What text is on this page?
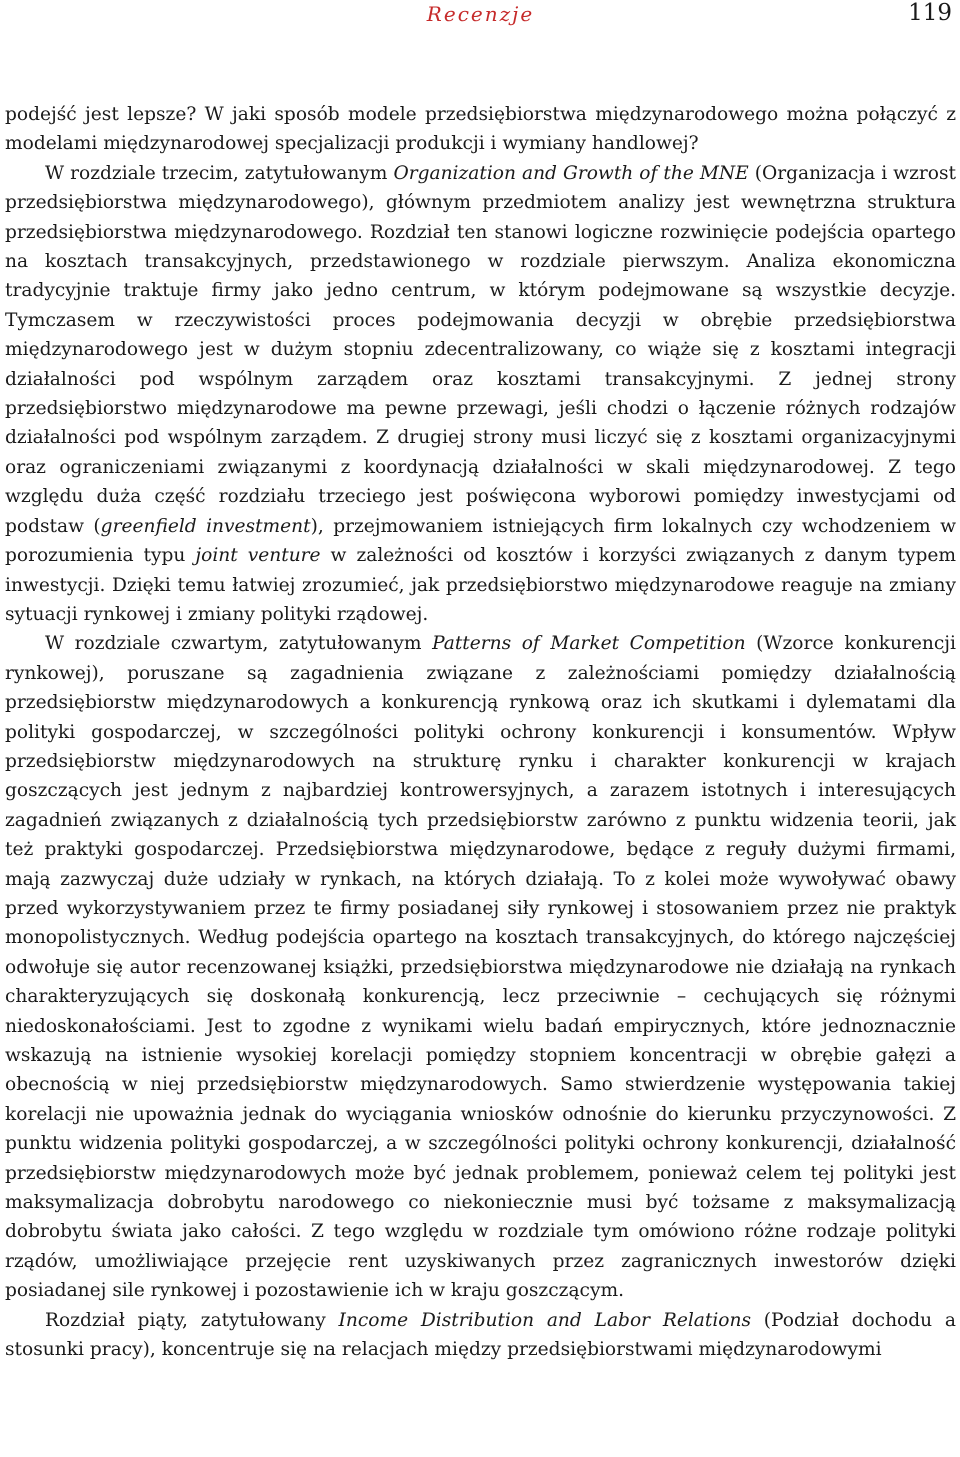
Recenzje	119

podejść jest lepsze? W jaki sposób modele przedsiębiorstwa międzynarodowego można połączyć z modelami międzynarodowej specjalizacji produkcji i wymiany handlowej?

W rozdziale trzecim, zatytułowanym Organization and Growth of the MNE (Organizacja i wzrost przedsiębiorstwa międzynarodowego), głównym przedmiotem analizy jest wewnętrzna struktura przedsiębiorstwa międzynarodowego. Rozdział ten stanowi logiczne rozwinięcie podejścia opartego na kosztach transakcyjnych, przedstawionego w rozdziale pierwszym. Analiza ekonomiczna tradycyjnie traktuje firmy jako jedno centrum, w którym podejmowane są wszystkie decyzje. Tymczasem w rzeczywistości proces podejmowania decyzji w obrębie przedsiębiorstwa międzynarodowego jest w dużym stopniu zdecentralizowany, co wiąże się z kosztami integracji działalności pod wspólnym zarządem oraz kosztami transakcyjnymi. Z jednej strony przedsiębiorstwo międzynarodowe ma pewne przewagi, jeśli chodzi o łączenie różnych rodzajów działalności pod wspólnym zarządem. Z drugiej strony musi liczyć się z kosztami organizacyjnymi oraz ograniczeniami związanymi z koordynacją działalności w skali międzynarodowej. Z tego względu duża część rozdziału trzeciego jest poświęcona wyborowi pomiędzy inwestycjami od podstaw (greenfield investment), przejmowaniem istniejących firm lokalnych czy wchodzeniem w porozumienia typu joint venture w zależności od kosztów i korzyści związanych z danym typem inwestycji. Dzięki temu łatwiej zrozumieć, jak przedsiębiorstwo międzynarodowe reaguje na zmiany sytuacji rynkowej i zmiany polityki rządowej.

W rozdziale czwartym, zatytułowanym Patterns of Market Competition (Wzorce konkurencji rynkowej), poruszane są zagadnienia związane z zależnościami pomiędzy działalnością przedsiębiorstw międzynarodowych a konkurencją rynkową oraz ich skutkami i dylematami dla polityki gospodarczej, w szczególności polityki ochrony konkurencji i konsumentów. Wpływ przedsiębiorstw międzynarodowych na strukturę rynku i charakter konkurencji w krajach goszczących jest jednym z najbardziej kontrowersyjnych, a zarazem istotnych i interesujących zagadnień związanych z działalnością tych przedsiębiorstw zarówno z punktu widzenia teorii, jak też praktyki gospodarczej. Przedsiębiorstwa międzynarodowe, będące z reguły dużymi firmami, mają zazwyczaj duże udziały w rynkach, na których działają. To z kolei może wywoływać obawy przed wykorzystywaniem przez te firmy posiadanej siły rynkowej i stosowaniem przez nie praktyk monopolistycznych. Według podejścia opartego na kosztach transakcyjnych, do którego najczęściej odwołuje się autor recenzowanej książki, przedsiębiorstwa międzynarodowe nie działają na rynkach charakteryzujących się doskonałą konkurencją, lecz przeciwnie – cechujących się różnymi niedoskonałościami. Jest to zgodne z wynikami wielu badań empirycznych, które jednoznacznie wskazują na istnienie wysokiej korelacji pomiędzy stopniem koncentracji w obrębie gałęzi a obecnością w niej przedsiębiorstw międzynarodowych. Samo stwierdzenie występowania takiej korelacji nie upoważnia jednak do wyciągania wniosków odnośnie do kierunku przyczynowości. Z punktu widzenia polityki gospodarczej, a w szczególności polityki ochrony konkurencji, działalność przedsiębiorstw międzynarodowych może być jednak problemem, ponieważ celem tej polityki jest maksymalizacja dobrobytu narodowego co niekoniecznie musi być tożsame z maksymalizacją dobrobytu świata jako całości. Z tego względu w rozdziale tym omówiono różne rodzaje polityki rządów, umożliwiające przejęcie rent uzyskiwanych przez zagranicznych inwestorów dzięki posiadanej sile rynkowej i pozostawienie ich w kraju goszczącym.

Rozdział piąty, zatytułowany Income Distribution and Labor Relations (Podział dochodu a stosunki pracy), koncentruje się na relacjach między przedsiębiorstwami międzynarodowymi
